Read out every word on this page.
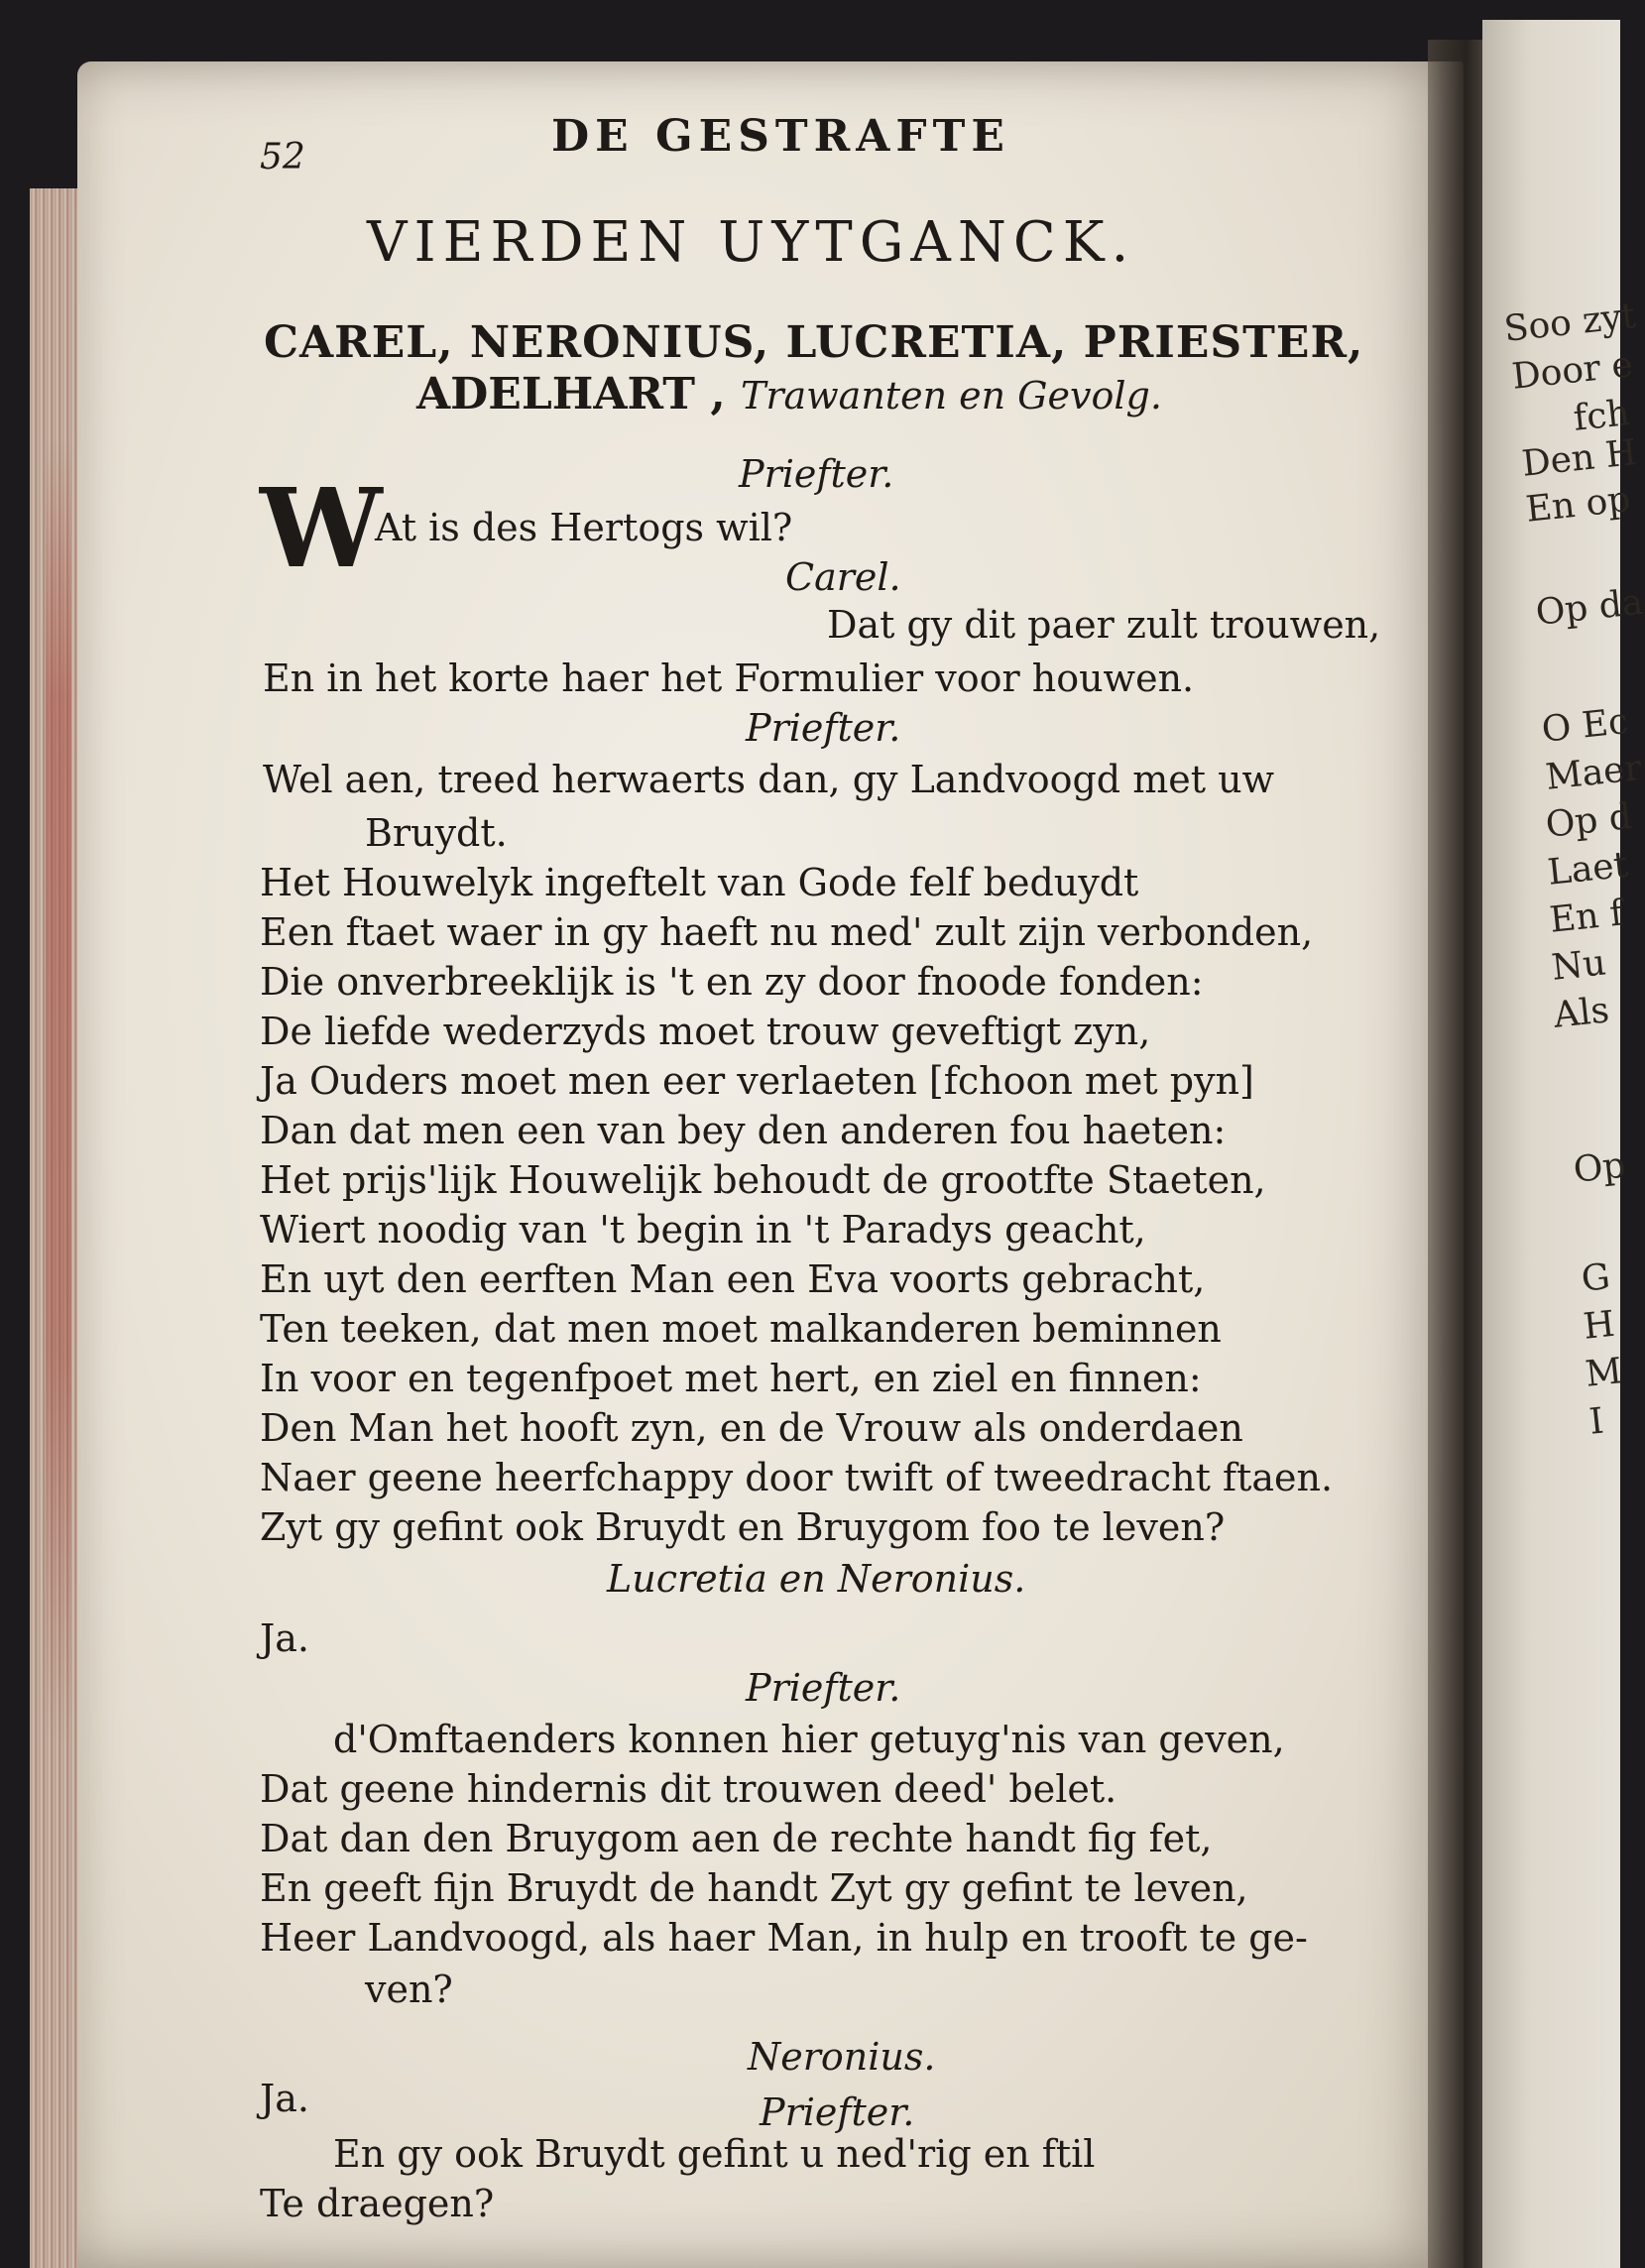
Soo zyt
Door e
fch
Den H
En op
Op da
O Ec
Maer
Op d
Laet
En f
Nu
Als
Op
G
H
M
I
52	DE GESTRAFTE
VIERDEN UYTGANCK.
CAREL, NERONIUS, LUCRETIA, PRIESTER,
ADELHART , Trawanten en Gevolg.
W	Priefter.
At is des Hertogs wil?
Carel.
Dat gy dit paer zult trouwen,
En in het korte haer het Formulier voor houwen.
Priefter.
Wel aen, treed herwaerts dan, gy Landvoogd met uw
Bruydt.
Het Houwelyk ingeftelt van Gode felf beduydt
Een ftaet waer in gy haeft nu med' zult zijn verbonden,
Die onverbreeklijk is 't en zy door fnoode fonden:
De liefde wederzyds moet trouw geveftigt zyn,
Ja Ouders moet men eer verlaeten [fchoon met pyn]
Dan dat men een van bey den anderen fou haeten:
Het prijs'lijk Houwelijk behoudt de grootfte Staeten,
Wiert noodig van 't begin in 't Paradys geacht,
En uyt den eerften Man een Eva voorts gebracht,
Ten teeken, dat men moet malkanderen beminnen
In voor en tegenfpoet met hert, en ziel en finnen:
Den Man het hooft zyn, en de Vrouw als onderdaen
Naer geene heerfchappy door twift of tweedracht ftaen.
Zyt gy gefint ook Bruydt en Bruygom foo te leven?
Lucretia en Neronius.
Ja.
Priefter.
d'Omftaenders konnen hier getuyg'nis van geven,
Dat geene hindernis dit trouwen deed' belet.
Dat dan den Bruygom aen de rechte handt fig fet,
En geeft fijn Bruydt de handt Zyt gy gefint te leven,
Heer Landvoogd, als haer Man, in hulp en trooft te ge-
ven?
Neronius.
Ja.	Priefter.
En gy ook Bruydt gefint u ned'rig en ftil
Te draegen?
